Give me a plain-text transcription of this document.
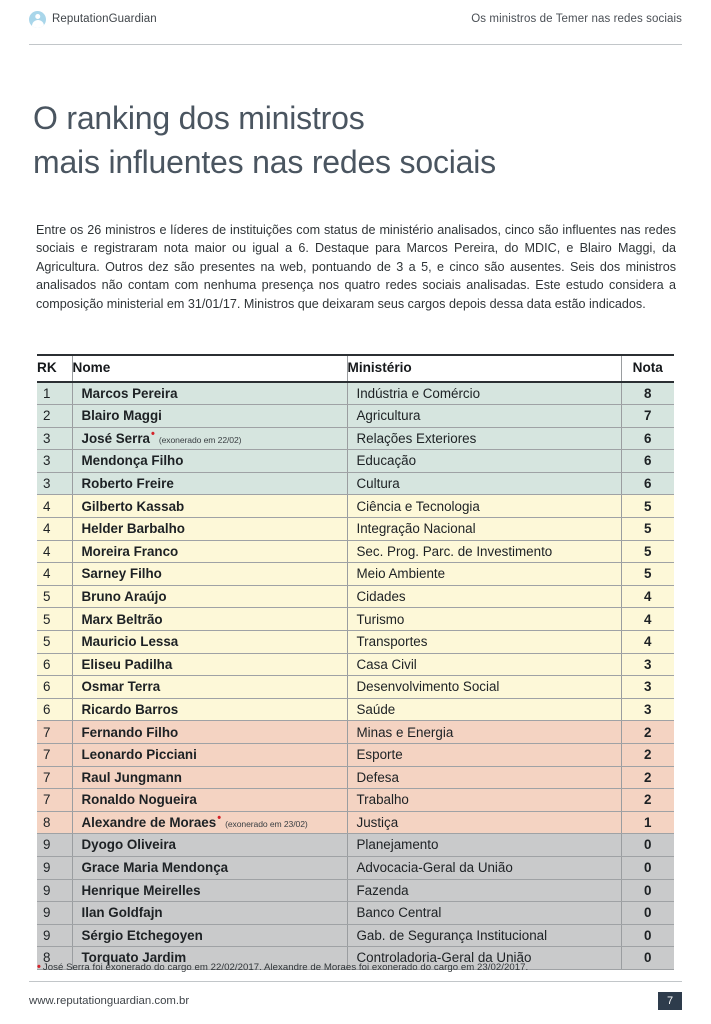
ReputationGuardian	Os ministros de Temer nas redes sociais
O ranking dos ministros
mais influentes nas redes sociais

Entre os 26 ministros e líderes de instituições com status de ministério analisados, cinco são influentes nas redes sociais e registraram nota maior ou igual a 6. Destaque para Marcos Pereira, do MDIC, e Blairo Maggi, da Agricultura. Outros dez são presentes na web, pontuando de 3 a 5, e cinco são ausentes. Seis dos ministros analisados não contam com nenhuma presença nos quatro redes sociais analisadas. Este estudo considera a composição ministerial em 31/01/17. Ministros que deixaram seus cargos depois dessa data estão indicados.

RK	Nome	Ministério	Nota
1	Marcos Pereira	Indústria e Comércio	8
2	Blairo Maggi	Agricultura	7
3	José Serra• (exonerado em 22/02)	Relações Exteriores	6
3	Mendonça Filho	Educação	6
3	Roberto Freire	Cultura	6
4	Gilberto Kassab	Ciência e Tecnologia	5
4	Helder Barbalho	Integração Nacional	5
4	Moreira Franco	Sec. Prog. Parc. de Investimento	5
4	Sarney Filho	Meio Ambiente	5
5	Bruno Araújo	Cidades	4
5	Marx Beltrão	Turismo	4
5	Mauricio Lessa	Transportes	4
6	Eliseu Padilha	Casa Civil	3
6	Osmar Terra	Desenvolvimento Social	3
6	Ricardo Barros	Saúde	3
7	Fernando Filho	Minas e Energia	2
7	Leonardo Picciani	Esporte	2
7	Raul Jungmann	Defesa	2
7	Ronaldo Nogueira	Trabalho	2
8	Alexandre de Moraes• (exonerado em 23/02)	Justiça	1
9	Dyogo Oliveira	Planejamento	0
9	Grace Maria Mendonça	Advocacia-Geral da União	0
9	Henrique Meirelles	Fazenda	0
9	Ilan Goldfajn	Banco Central	0
9	Sérgio Etchegoyen	Gab. de Segurança Institucional	0
8	Torquato Jardim	Controladoria-Geral da União	0
• José Serra foi exonerado do cargo em 22/02/2017. Alexandre de Moraes foi exonerado do cargo em 23/02/2017.
www.reputationguardian.com.br	7
